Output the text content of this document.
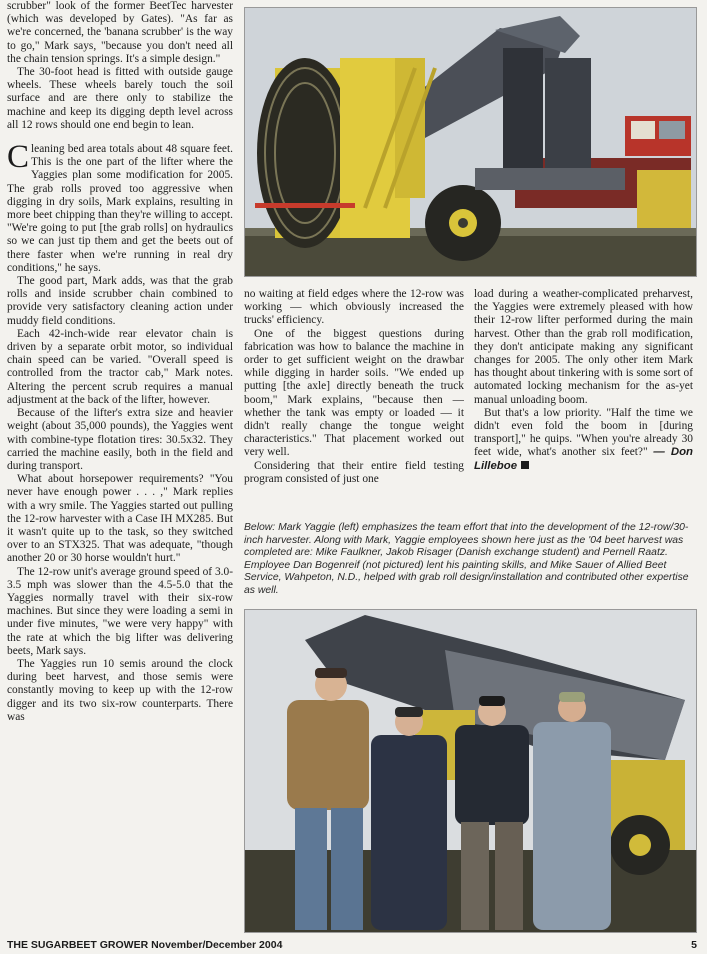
scrubber" look of the former BeetTec harvester (which was developed by Gates). "As far as we're concerned, the 'banana scrubber' is the way to go," Mark says, "because you don't need all the chain tension springs. It's a simple design."

The 30-foot head is fitted with outside gauge wheels. These wheels barely touch the soil surface and are there only to stabilize the machine and keep its digging depth level across all 12 rows should one end begin to lean.

Cleaning bed area totals about 48 square feet. This is the one part of the lifter where the Yaggies plan some modification for 2005. The grab rolls proved too aggressive when digging in dry soils, Mark explains, resulting in more beet chipping than they're willing to accept. "We're going to put [the grab rolls] on hydraulics so we can just tip them and get the beets out of there faster when we're running in real dry conditions," he says.

The good part, Mark adds, was that the grab rolls and inside scrubber chain combined to provide very satisfactory cleaning action under muddy field conditions.

Each 42-inch-wide rear elevator chain is driven by a separate orbit motor, so individual chain speed can be varied. "Overall speed is controlled from the tractor cab," Mark notes. Altering the percent scrub requires a manual adjustment at the back of the lifter, however.

Because of the lifter's extra size and heavier weight (about 35,000 pounds), the Yaggies went with combine-type flotation tires: 30.5x32. They carried the machine easily, both in the field and during transport.

What about horsepower requirements? "You never have enough power . . . ," Mark replies with a wry smile. The Yaggies started out pulling the 12-row harvester with a Case IH MX285. But it wasn't quite up to the task, so they switched over to an STX325. That was adequate, "though another 20 or 30 horse wouldn't hurt."

The 12-row unit's average ground speed of 3.0-3.5 mph was slower than the 4.5-5.0 that the Yaggies normally travel with their six-row machines. But since they were loading a semi in under five minutes, "we were very happy" with the rate at which the big lifter was delivering beets, Mark says.

The Yaggies run 10 semis around the clock during beet harvest, and those semis were constantly moving to keep up with the 12-row digger and its two six-row counterparts. There was

no waiting at field edges where the 12-row was working — which obviously increased the trucks' efficiency.

One of the biggest questions during fabrication was how to balance the machine in order to get sufficient weight on the drawbar while digging in harder soils. "We ended up putting [the axle] directly beneath the truck boom," Mark explains, "because then — whether the tank was empty or loaded — it didn't really change the tongue weight characteristics." That placement worked out very well.

Considering that their entire field testing program consisted of just one

load during a weather-complicated preharvest, the Yaggies were extremely pleased with how their 12-row lifter performed during the main harvest. Other than the grab roll modification, they don't anticipate making any significant changes for 2005. The only other item Mark has thought about tinkering with is some sort of automated locking mechanism for the as-yet manual unloading boom.

But that's a low priority. "Half the time we didn't even fold the boom in [during transport]," he quips. "When you're already 30 feet wide, what's another six feet?" — Don Lilleboe

Below: Mark Yaggie (left) emphasizes the team effort that into the development of the 12-row/30-inch harvester. Along with Mark, Yaggie employees shown here just as the '04 beet harvest was completed are: Mike Faulkner, Jakob Risager (Danish exchange student) and Pernell Raatz. Employee Dan Bogenreif (not pictured) lent his painting skills, and Mike Sauer of Allied Beet Service, Wahpeton, N.D., helped with grab roll design/installation and contributed other expertise as well.
THE SUGARBEET GROWER November/December 2004	5
